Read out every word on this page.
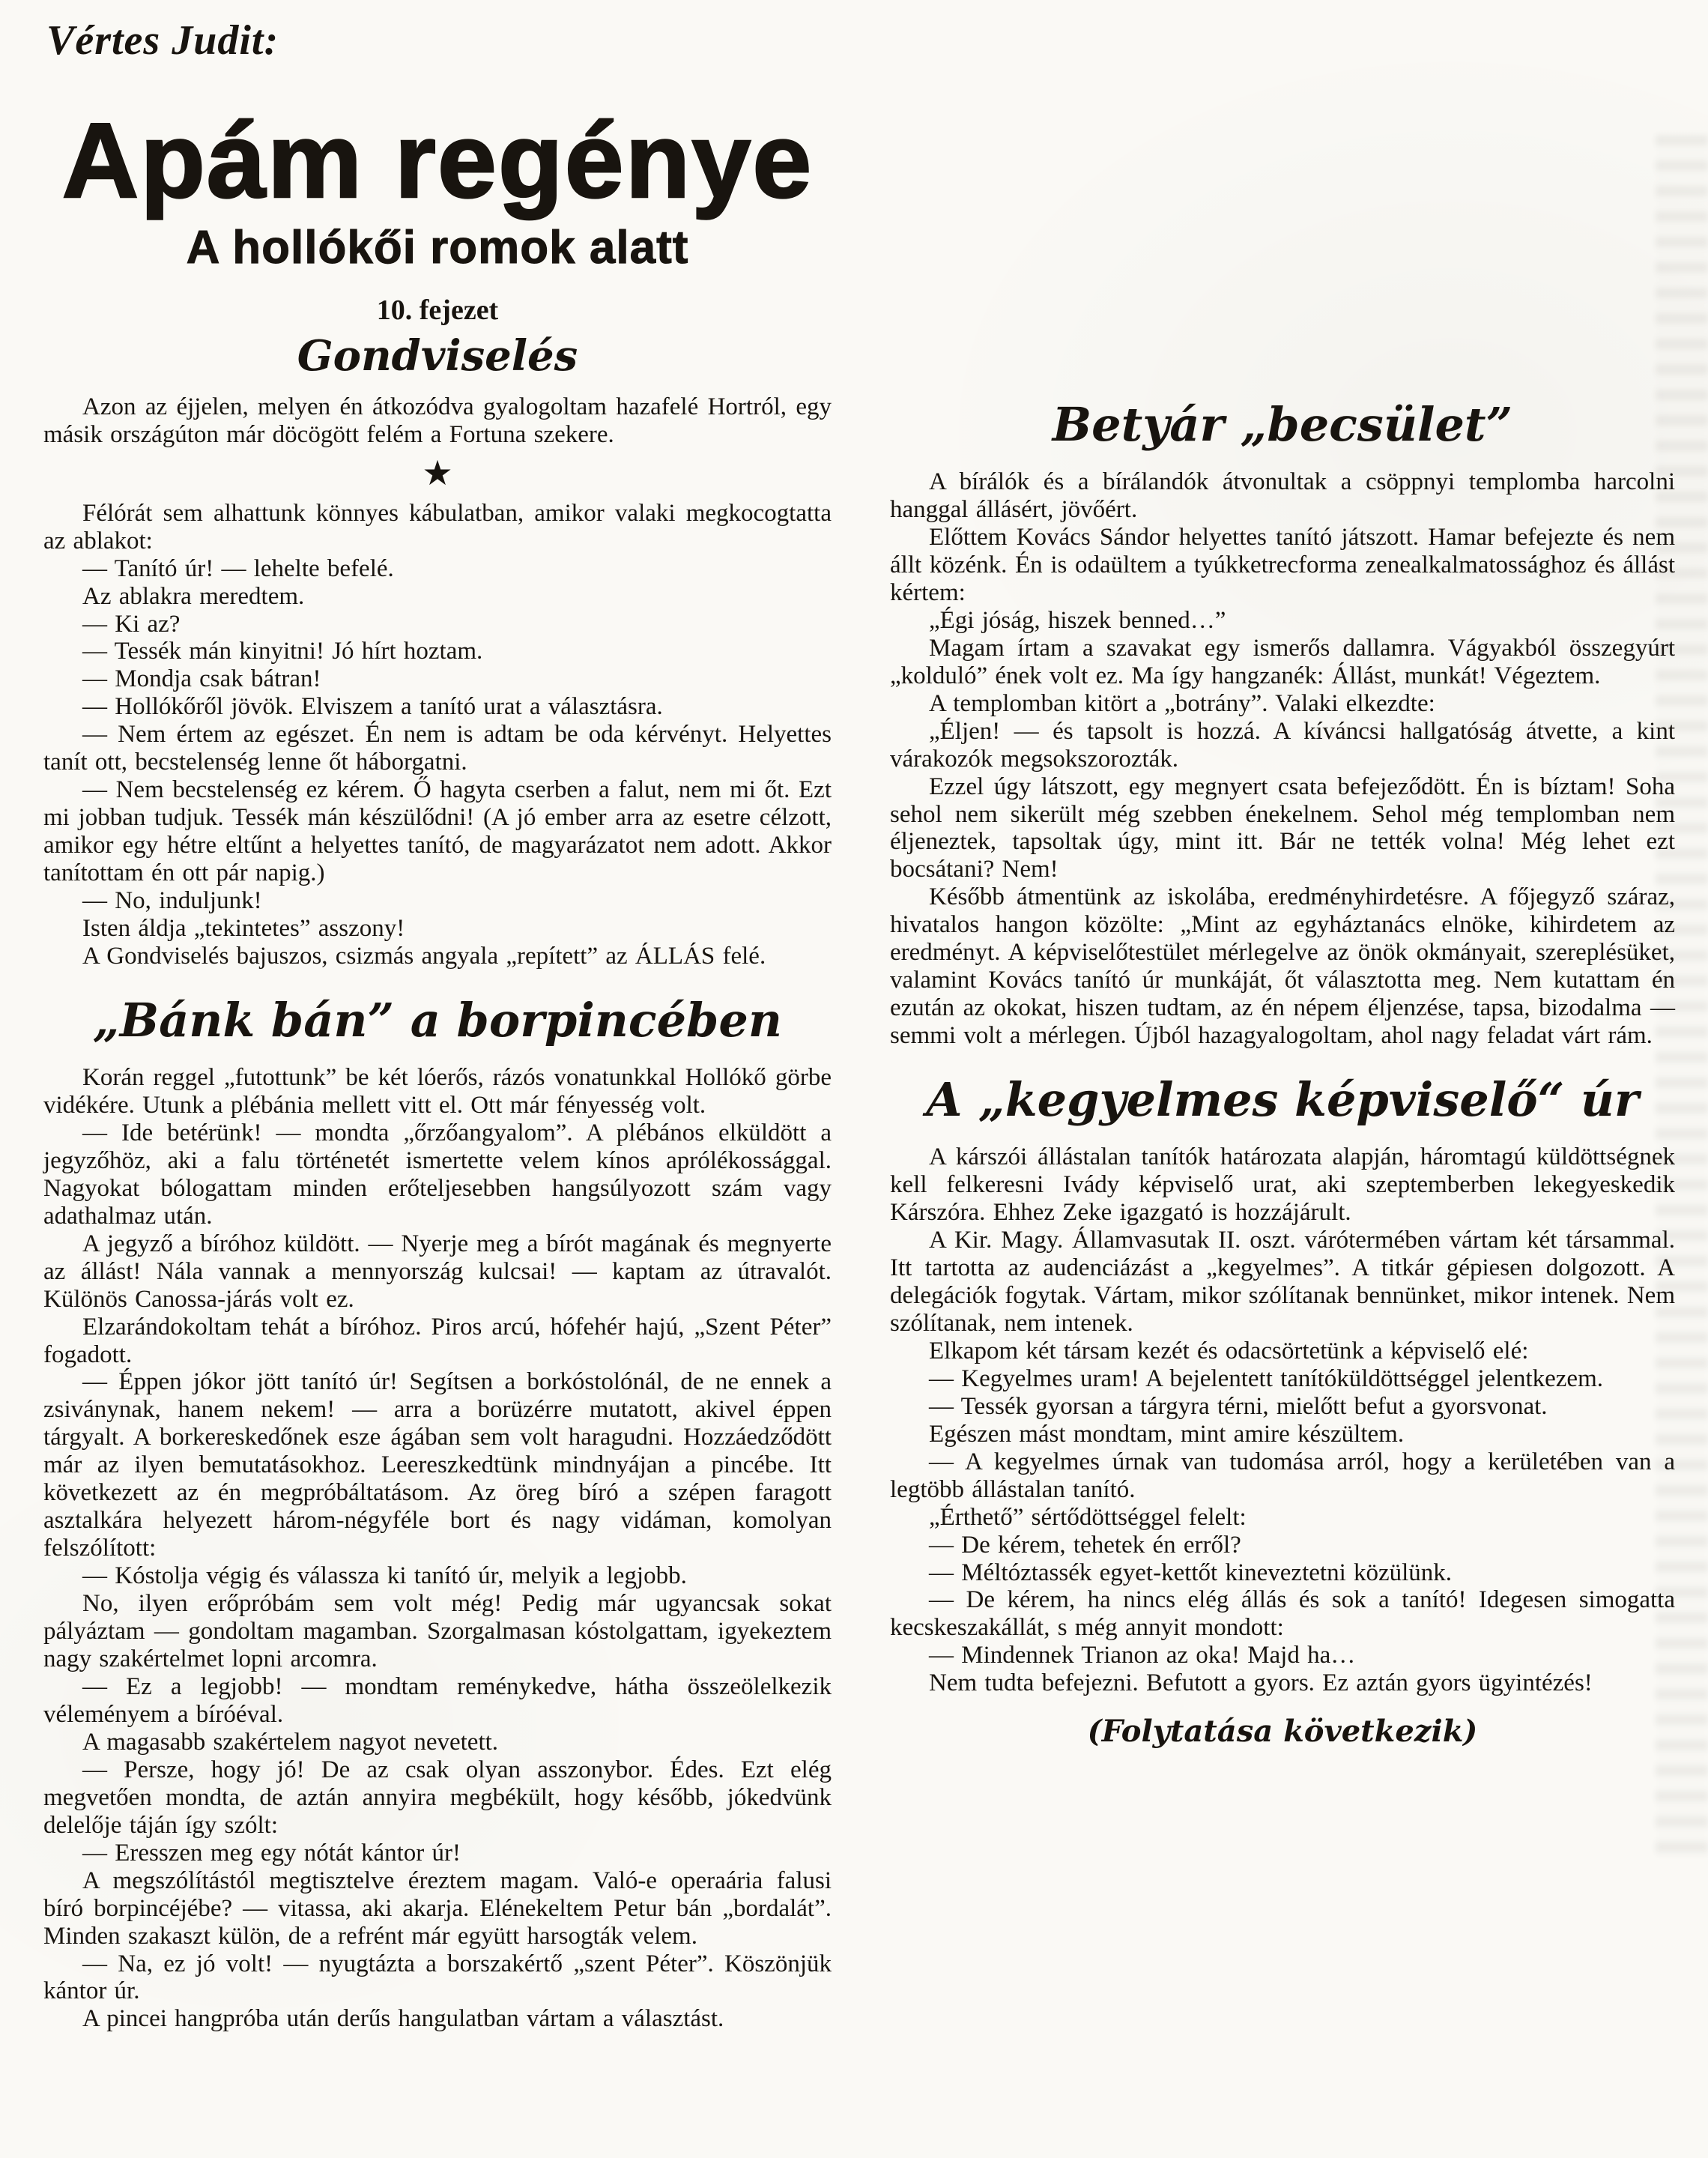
Vértes Judit:
Apám regénye
A hollókői romok alatt
10. fejezet
Gondviselés

Azon az éjjelen, melyen én átkozódva gyalogoltam hazafelé Hortról, egy másik országúton már döcögött felém a Fortuna szekere.

★

Félórát sem alhattunk könnyes kábulatban, amikor valaki megkocogtatta az ablakot:

— Tanító úr! — lehelte befelé.

Az ablakra meredtem.

— Ki az?

— Tessék mán kinyitni! Jó hírt hoztam.

— Mondja csak bátran!

— Hollókőről jövök. Elviszem a tanító urat a választásra.

— Nem értem az egészet. Én nem is adtam be oda kérvényt. Helyettes tanít ott, becstelenség lenne őt háborgatni.

— Nem becstelenség ez kérem. Ő hagyta cserben a falut, nem mi őt. Ezt mi jobban tudjuk. Tessék mán készülődni! (A jó ember arra az esetre célzott, amikor egy hétre eltűnt a helyettes tanító, de magyarázatot nem adott. Akkor tanítottam én ott pár napig.)

— No, induljunk!

Isten áldja „tekintetes” asszony!

A Gondviselés bajuszos, csizmás angyala „repített” az ÁLLÁS felé.

„Bánk bán” a borpincében

Korán reggel „futottunk” be két lóerős, rázós vonatunkkal Hollókő görbe vidékére. Utunk a plébánia mellett vitt el. Ott már fényesség volt.

— Ide betérünk! — mondta „őrzőangyalom”. A plébános elküldött a jegyzőhöz, aki a falu történetét ismertette velem kínos aprólékossággal. Nagyokat bólogattam minden erőteljesebben hangsúlyozott szám vagy adathalmaz után.

A jegyző a bíróhoz küldött. — Nyerje meg a bírót magának és megnyerte az állást! Nála vannak a mennyország kulcsai! — kaptam az útravalót. Különös Canossa-járás volt ez.

Elzarándokoltam tehát a bíróhoz. Piros arcú, hófehér hajú, „Szent Péter” fogadott.

— Éppen jókor jött tanító úr! Segítsen a borkóstolónál, de ne ennek a zsiványnak, hanem nekem! — arra a borüzérre mutatott, akivel éppen tárgyalt. A borkereskedőnek esze ágában sem volt haragudni. Hozzáedződött már az ilyen bemutatásokhoz. Leereszkedtünk mindnyájan a pincébe. Itt következett az én megpróbáltatásom. Az öreg bíró a szépen faragott asztalkára helyezett három-négyféle bort és nagy vidáman, komolyan felszólított:

— Kóstolja végig és válassza ki tanító úr, melyik a legjobb.

No, ilyen erőpróbám sem volt még! Pedig már ugyancsak sokat pályáztam — gondoltam magamban. Szorgalmasan kóstolgattam, igyekeztem nagy szakértelmet lopni arcomra.

— Ez a legjobb! — mondtam reménykedve, hátha összeölelkezik véleményem a bíróéval.

A magasabb szakértelem nagyot nevetett.

— Persze, hogy jó! De az csak olyan asszonybor. Édes. Ezt elég megvetően mondta, de aztán annyira megbékült, hogy később, jókedvünk delelője táján így szólt:

— Eresszen meg egy nótát kántor úr!

A megszólítástól megtisztelve éreztem magam. Való-e operaária falusi bíró borpincéjébe? — vitassa, aki akarja. Elénekeltem Petur bán „bordalát”. Minden szakaszt külön, de a refrént már együtt harsogták velem.

— Na, ez jó volt! — nyugtázta a borszakértő „szent Péter”. Köszönjük kántor úr.

A pincei hangpróba után derűs hangulatban vártam a választást.

Betyár „becsület”

A bírálók és a bírálandók átvonultak a csöppnyi templomba harcolni hanggal állásért, jövőért.

Előttem Kovács Sándor helyettes tanító játszott. Hamar befejezte és nem állt közénk. Én is odaültem a tyúkketrecforma zenealkalmatossághoz és állást kértem:

„Égi jóság, hiszek benned…”

Magam írtam a szavakat egy ismerős dallamra. Vágyakból összegyúrt „kolduló” ének volt ez. Ma így hangzanék: Állást, munkát! Végeztem.

A templomban kitört a „botrány”. Valaki elkezdte:

„Éljen! — és tapsolt is hozzá. A kíváncsi hallgatóság átvette, a kint várakozók megsokszorozták.

Ezzel úgy látszott, egy megnyert csata befejeződött. Én is bíztam! Soha sehol nem sikerült még szebben énekelnem. Sehol még templomban nem éljeneztek, tapsoltak úgy, mint itt. Bár ne tették volna! Még lehet ezt bocsátani? Nem!

Később átmentünk az iskolába, eredményhirdetésre. A főjegyző száraz, hivatalos hangon közölte: „Mint az egyháztanács elnöke, kihirdetem az eredményt. A képviselőtestület mérlegelve az önök okmányait, szereplésüket, valamint Kovács tanító úr munkáját, őt választotta meg. Nem kutattam én ezután az okokat, hiszen tudtam, az én népem éljenzése, tapsa, bizodalma — semmi volt a mérlegen. Újból hazagyalogoltam, ahol nagy feladat várt rám.

A „kegyelmes képviselő“ úr

A kárszói állástalan tanítók határozata alapján, háromtagú küldöttségnek kell felkeresni Ivády képviselő urat, aki szeptemberben lekegyeskedik Kárszóra. Ehhez Zeke igazgató is hozzájárult.

A Kir. Magy. Államvasutak II. oszt. várótermében vártam két társammal. Itt tartotta az audenciázást a „kegyelmes”. A titkár gépiesen dolgozott. A delegációk fogytak. Vártam, mikor szólítanak bennünket, mikor intenek. Nem szólítanak, nem intenek.

Elkapom két társam kezét és odacsörtetünk a képviselő elé:

— Kegyelmes uram! A bejelentett tanítóküldöttséggel jelentkezem.

— Tessék gyorsan a tárgyra térni, mielőtt befut a gyorsvonat.

Egészen mást mondtam, mint amire készültem.

— A kegyelmes úrnak van tudomása arról, hogy a kerületében van a legtöbb állástalan tanító.

„Érthető” sértődöttséggel felelt:

— De kérem, tehetek én erről?

— Méltóztassék egyet-kettőt kineveztetni közülünk.

— De kérem, ha nincs elég állás és sok a tanító! Idegesen simogatta kecskeszakállát, s még annyit mondott:

— Mindennek Trianon az oka! Majd ha…

Nem tudta befejezni. Befutott a gyors. Ez aztán gyors ügyintézés!

(Folytatása következik)
